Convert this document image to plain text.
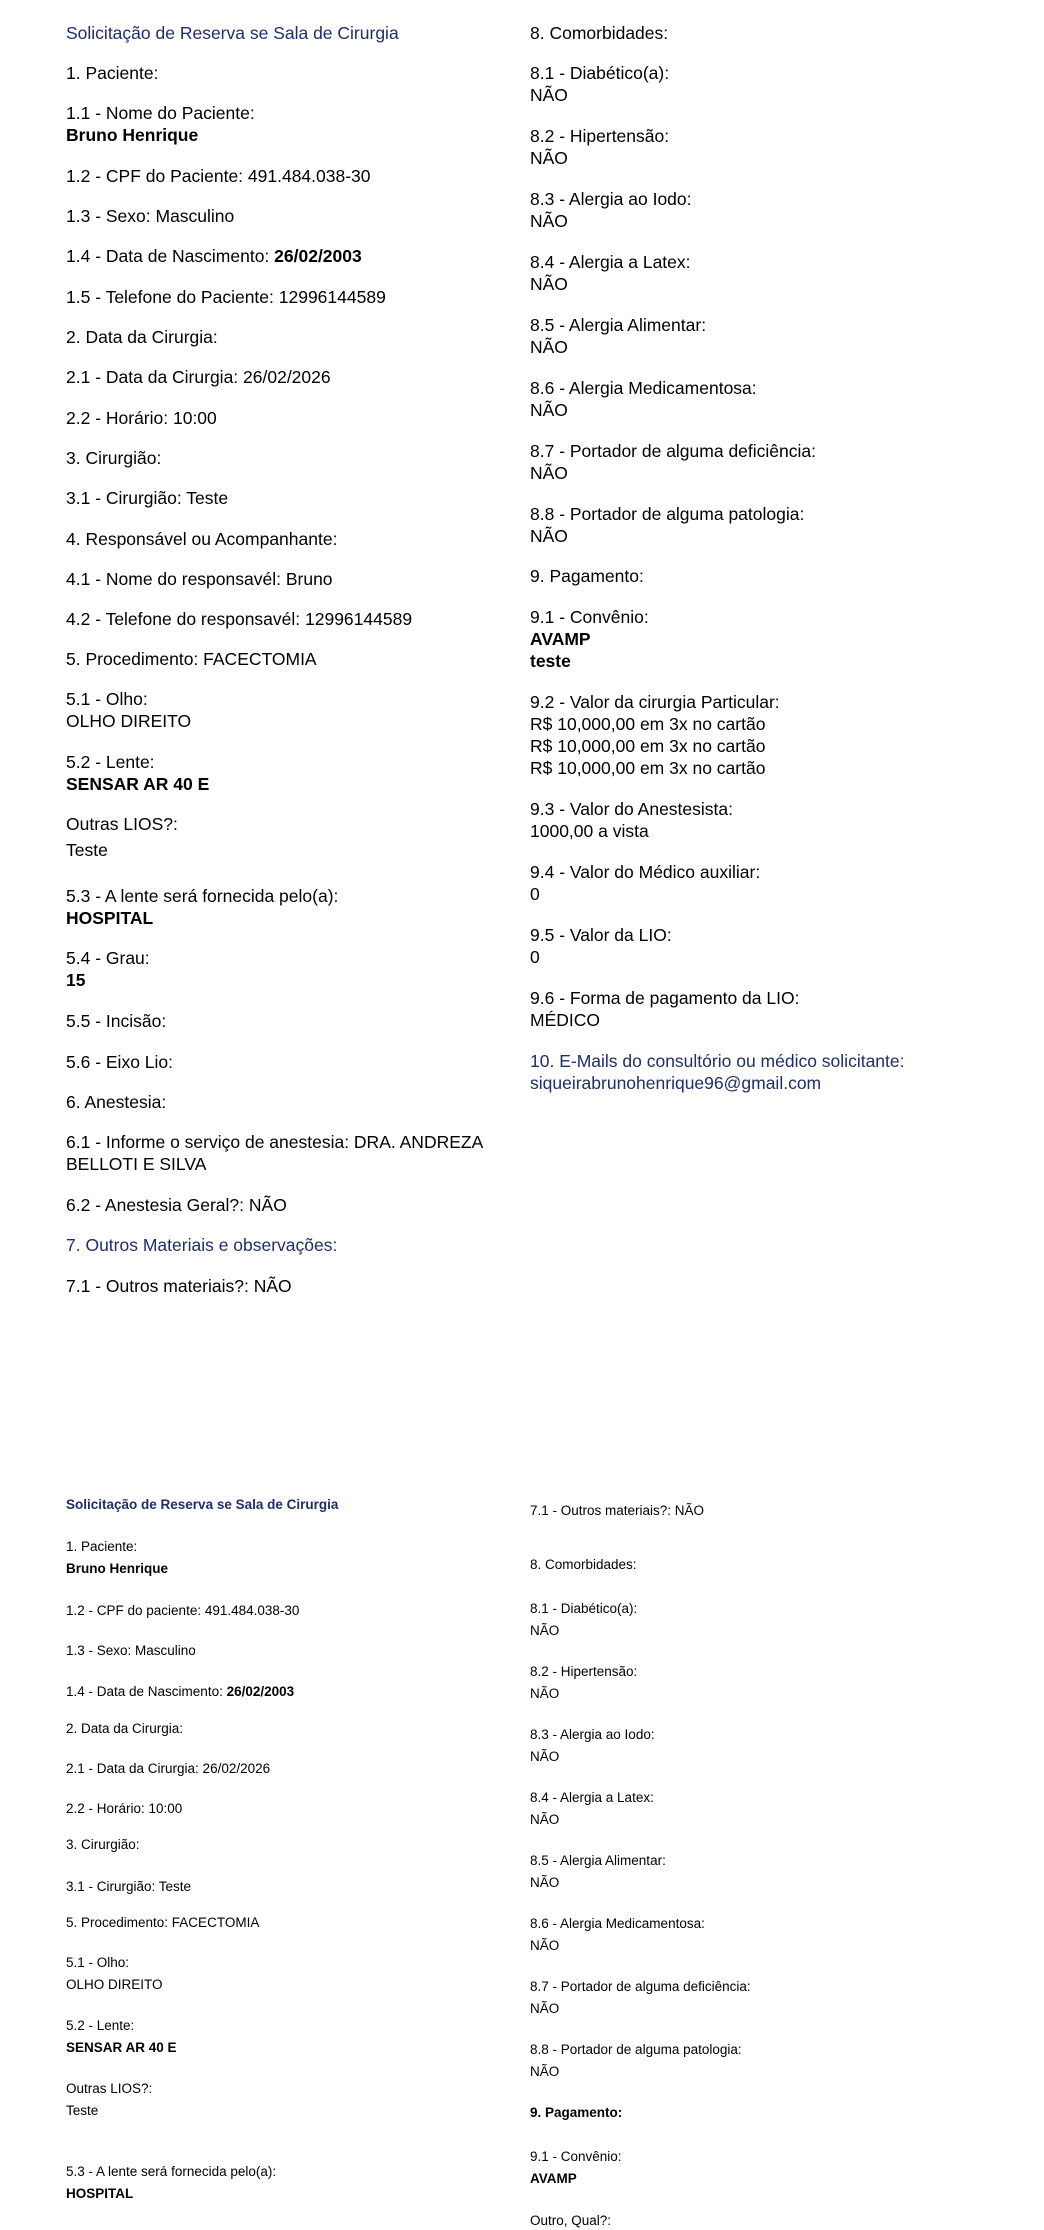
Solicitação de Reserva se Sala de Cirurgia
1. Paciente:
1.1 - Nome do Paciente:
Bruno Henrique
1.2 - CPF do Paciente: 491.484.038-30
1.3 - Sexo: Masculino
1.4 - Data de Nascimento: 26/02/2003
1.5 - Telefone do Paciente: 12996144589
2. Data da Cirurgia:
2.1 - Data da Cirurgia: 26/02/2026
2.2 - Horário: 10:00
3. Cirurgião:
3.1 - Cirurgião: Teste
4. Responsável ou Acompanhante:
4.1 - Nome do responsavél: Bruno
4.2 - Telefone do responsavél: 12996144589
5. Procedimento: FACECTOMIA
5.1 - Olho:
OLHO DIREITO
5.2 - Lente:
SENSAR AR 40 E
Outras LIOS?:
Teste
5.3 - A lente será fornecida pelo(a):
HOSPITAL
5.4 - Grau:
15
5.5 - Incisão:
5.6 - Eixo Lio:
6. Anestesia:
6.1 - Informe o serviço de anestesia: DRA. ANDREZA BELLOTI E SILVA
6.2 - Anestesia Geral?: NÃO
7. Outros Materiais e observações:
7.1 - Outros materiais?: NÃO
8. Comorbidades:
8.1 - Diabético(a):
NÃO
8.2 - Hipertensão:
NÃO
8.3 - Alergia ao Iodo:
NÃO
8.4 - Alergia a Latex:
NÃO
8.5 - Alergia Alimentar:
NÃO
8.6 - Alergia Medicamentosa:
NÃO
8.7 - Portador de alguma deficiência:
NÃO
8.8 - Portador de alguma patologia:
NÃO
9. Pagamento:
9.1 - Convênio:
AVAMP
teste
9.2 - Valor da cirurgia Particular:
R$ 10,000,00 em 3x no cartão
R$ 10,000,00 em 3x no cartão
R$ 10,000,00 em 3x no cartão
9.3 - Valor do Anestesista:
1000,00 a vista
9.4 - Valor do Médico auxiliar:
0
9.5 - Valor da LIO:
0
9.6 - Forma de pagamento da LIO:
MÉDICO
10. E-Mails do consultório ou médico solicitante:
siqueirabrunohenrique96@gmail.com
Solicitação de Reserva se Sala de Cirurgia
1. Paciente:
Bruno Henrique
1.2 - CPF do paciente: 491.484.038-30
1.3 - Sexo: Masculino
1.4 - Data de Nascimento: 26/02/2003
2. Data da Cirurgia:
2.1 - Data da Cirurgia: 26/02/2026
2.2 - Horário: 10:00
3. Cirurgião:
3.1 - Cirurgião: Teste
5. Procedimento: FACECTOMIA
5.1 - Olho:
OLHO DIREITO
5.2 - Lente:
SENSAR AR 40 E
Outras LIOS?:
Teste
5.3 - A lente será fornecida pelo(a):
HOSPITAL
7.1 - Outros materiais?: NÃO
8. Comorbidades:
8.1 - Diabético(a):
NÃO
8.2 - Hipertensão:
NÃO
8.3 - Alergia ao Iodo:
NÃO
8.4 - Alergia a Latex:
NÃO
8.5 - Alergia Alimentar:
NÃO
8.6 - Alergia Medicamentosa:
NÃO
8.7 - Portador de alguma deficiência:
NÃO
8.8 - Portador de alguma patologia:
NÃO
9. Pagamento:
9.1 - Convênio:
AVAMP
Outro, Qual?:
